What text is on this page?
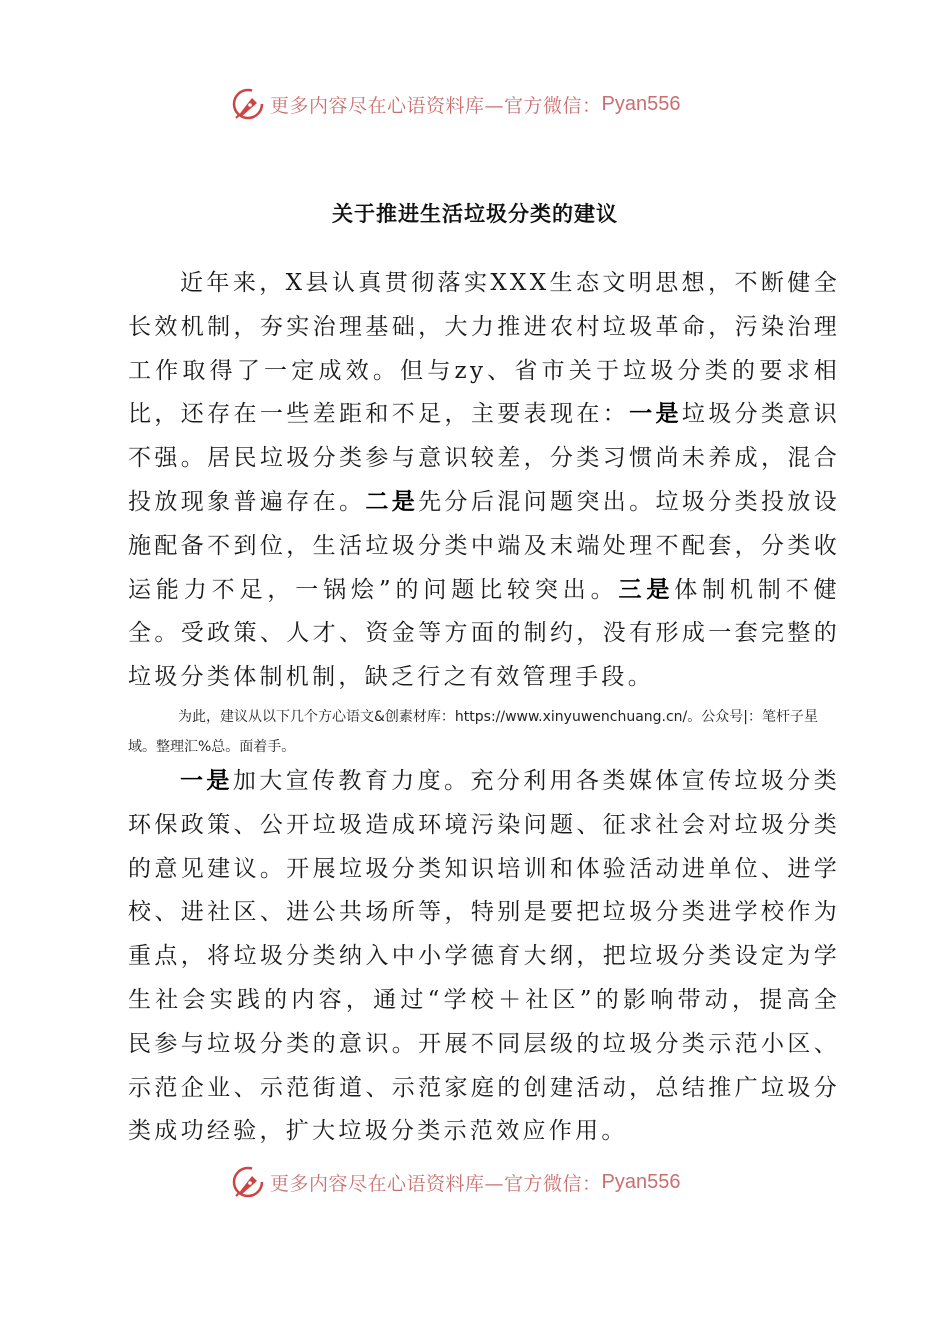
更多内容尽在心语资料库—官方微信： Pyan556
关于推进生活垃圾分类的建议
近年来，X县认真贯彻落实XXX生态文明思想，不断健全长效机制，夯实治理基础，大力推进农村垃圾革命，污染治理工作取得了一定成效。但与zy、省市关于垃圾分类的要求相比，还存在一些差距和不足，主要表现在：一是垃圾分类意识不强。居民垃圾分类参与意识较差，分类习惯尚未养成，混合投放现象普遍存在。二是先分后混问题突出。垃圾分类投放设施配备不到位，生活垃圾分类中端及末端处理不配套，分类收运能力不足，一锅烩”的问题比较突出。三是体制机制不健全。受政策、人才、资金等方面的制约，没有形成一套完整的垃圾分类体制机制，缺乏行之有效管理手段。
为此，建议从以下几个方心语文&创素材库：https://www.xinyuwenchuang.cn/。公众号|：笔杆子星域。整理汇%总。面着手。
一是加大宣传教育力度。充分利用各类媒体宣传垃圾分类环保政策、公开垃圾造成环境污染问题、征求社会对垃圾分类的意见建议。开展垃圾分类知识培训和体验活动进单位、进学校、进社区、进公共场所等，特别是要把垃圾分类进学校作为重点，将垃圾分类纳入中小学德育大纲，把垃圾分类设定为学生社会实践的内容，通过“学校＋社区”的影响带动，提高全民参与垃圾分类的意识。开展不同层级的垃圾分类示范小区、示范企业、示范街道、示范家庭的创建活动，总结推广垃圾分类成功经验，扩大垃圾分类示范效应作用。
更多内容尽在心语资料库—官方微信： Pyan556
